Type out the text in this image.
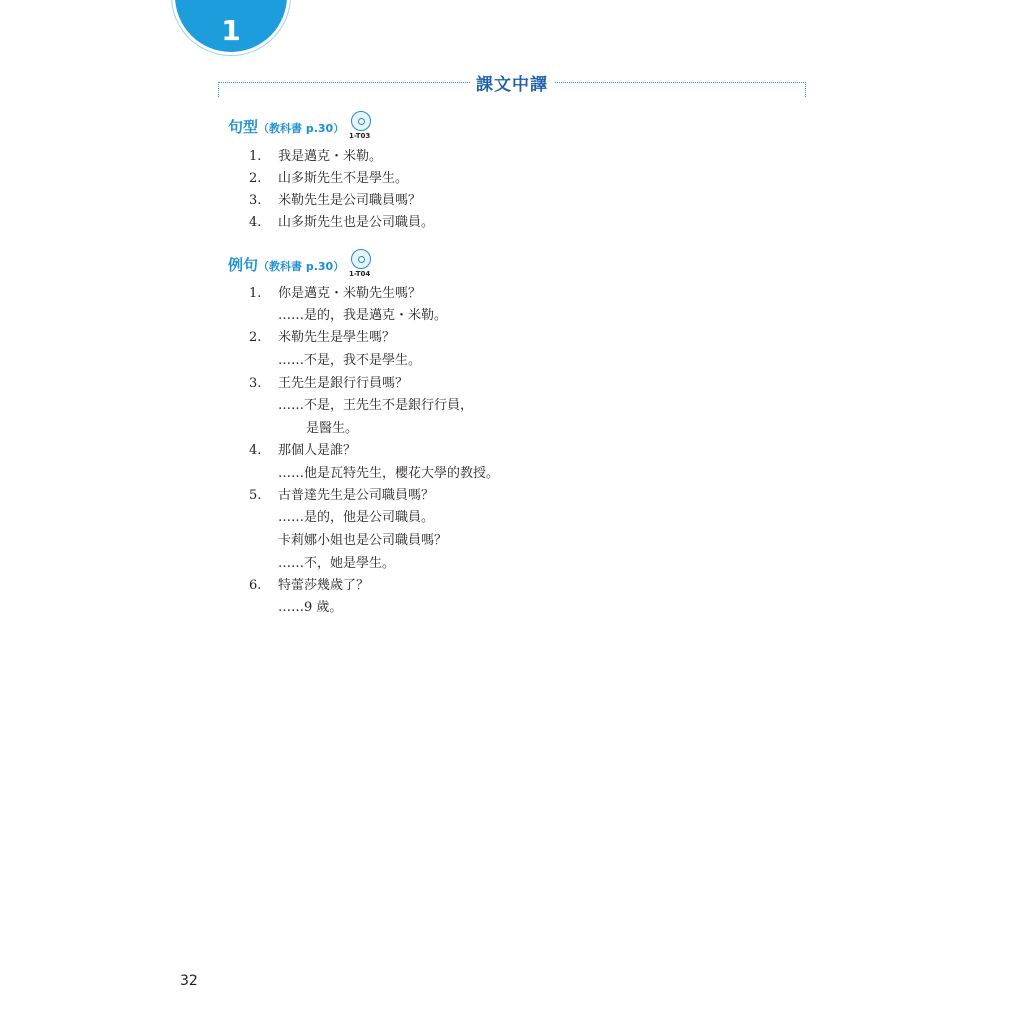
1
課文中譯
句型（教科書 p.30）
1-T03
1. 我是邁克・米勒。
2. 山多斯先生不是學生。
3. 米勒先生是公司職員嗎？
4. 山多斯先生也是公司職員。
例句（教科書 p.30）
1-T04
1. 你是邁克・米勒先生嗎？
……是的，我是邁克・米勒。
2. 米勒先生是學生嗎？
……不是，我不是學生。
3. 王先生是銀行行員嗎？
……不是，王先生不是銀行行員，
是醫生。
4. 那個人是誰？
……他是瓦特先生，櫻花大學的教授。
5. 古普達先生是公司職員嗎？
……是的，他是公司職員。
卡莉娜小姐也是公司職員嗎？
……不，她是學生。
6. 特蕾莎幾歲了？
……9 歲。
32
